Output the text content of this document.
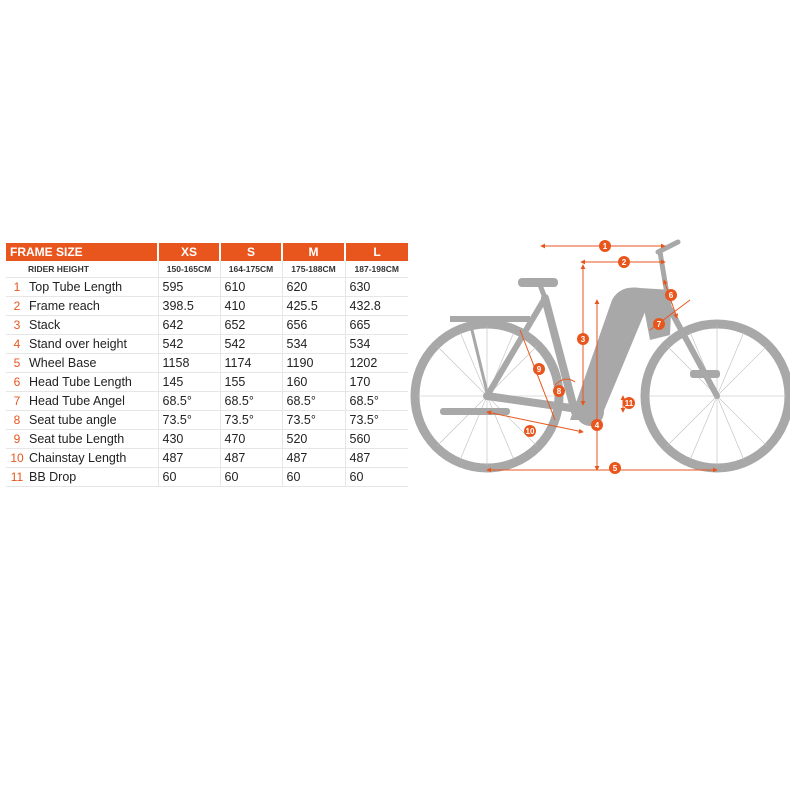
FRAME SIZE		XS	S	M	L
	RIDER HEIGHT	150-165CM	164-175CM	175-188CM	187-198CM
1	Top Tube Length	595	610	620	630
2	Frame reach	398.5	410	425.5	432.8
3	Stack	642	652	656	665
4	Stand over height	542	542	534	534
5	Wheel Base	1158	1174	1190	1202
6	Head Tube Length	145	155	160	170
7	Head Tube Angel	68.5°	68.5°	68.5°	68.5°
8	Seat tube angle	73.5°	73.5°	73.5°	73.5°
9	Seat tube Length	430	470	520	560
10	Chainstay Length	487	487	487	487
11	BB Drop	60	60	60	60
1
2
3
4
5
6
7
8
9
10
11
